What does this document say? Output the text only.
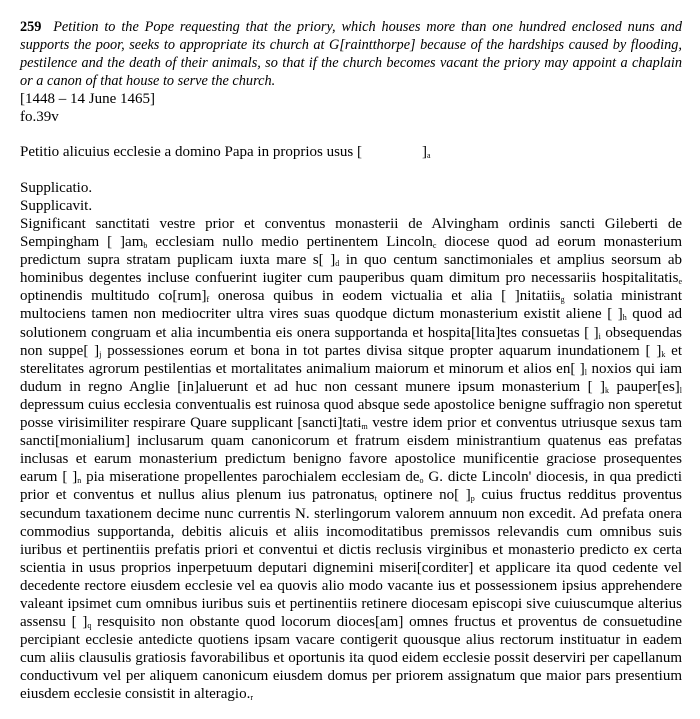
259 Petition to the Pope requesting that the priory, which houses more than one hundred enclosed nuns and supports the poor, seeks to appropriate its church at G[raintthorpe] because of the hardships caused by flooding, pestilence and the death of their animals, so that if the church becomes vacant the priory may appoint a chaplain or a canon of that house to serve the church.
[1448 – 14 June 1465]
fo.39v
Petitio alicuius ecclesie a domino Papa in proprios usus [	]$_a$
Supplicatio.
Supplicavit.

Significant sanctitati vestre prior et conventus monasterii de Alvingham ordinis sancti Gileberti de Sempingham [ ]$am_b$ ecclesiam nullo medio pertinentem Lincoln$_c$ diocese quod ad eorum monasterium predictum supra stratam puplicam iuxta mare s[ ]$_d$ in quo centum sanctimoniales et amplius seorsum ab hominibus degentes incluse confuerint iugiter cum pauperibus quam dimitum pro necessariis hospitalitatis$_e$ optinendis multitudo $co[rum]_f$ onerosa quibus in eodem victualia et alia [ ]nitatiis$_g$ solatia ministrant multociens tamen non mediocriter ultra vires suas quodque dictum monasterium existit aliene [ ]$_h$ quod ad solutionem congruam et alia incumbentia eis onera supportanda et hospita[lita]tes consuetas [ ]$_i$ obsequendas non suppe[ ]$_j$ possessiones eorum et bona in tot partes divisa sitque propter aquarum inundationem [ ]$_k$ et sterelitates agrorum pestilentias et mortalitates animalium maiorum et minorum et alios en[ ]$_l$ noxios qui iam dudum in regno Anglie [in]aluerunt et ad huc non cessant munere ipsum monasterium [ ]$_k$ $pauper[es]_l$ depressum cuius ecclesia conventualis est ruinosa quod absque sede apostolice benigne suffragio non speretut posse virisimiliter respirare Quare supplicant [sancti]tati$_m$ vestre idem prior et conventus utriusque sexus tam sancti[monialium] inclusarum quam canonicorum et fratrum eisdem ministrantium quatenus eas prefatas inclusas et earum monasterium predictum benigno favore apostolice munificentie graciose prosequentes earum [ ]$_n$ pia miseratione propellentes parochialem ecclesiam $de_o$ G. dicte Lincoln' diocesis, in qua predicti prior et conventus et nullus alius plenum ius patronatus$_t$ optinere no[ ]$_p$ cuius fructus redditus proventus secundum taxationem decime nunc currentis N. sterlingorum valorem annuum non excedit. Ad prefata onera commodius supportanda, debitis alicuis et aliis incomoditatibus premissos relevandis cum omnibus suis iuribus et pertinentiis prefatis priori et conventui et dictis reclusis virginibus et monasterio predicto ex certa scientia in usus proprios inperpetuum deputari dignemini miseri[corditer] et applicare ita quod cedente vel decedente rectore eiusdem ecclesie vel ea quovis alio modo vacante ius et possessionem ipsius apprehendere valeant ipsimet cum omnibus iuribus suis et pertinentiis retinere diocesam episcopi sive cuiuscumque alterius assensu [ ]$_q$ resquisito non obstante quod locorum dioces[am] omnes fructus et proventus de consuetudine percipiant ecclesie antedicte quotiens ipsam vacare contigerit quousque alius rectorum instituatur in eadem cum aliis clausulis gratiosis favorabilibus et oportunis ita quod eidem ecclesie possit deserviri per capellanum conductivum vel per aliquem canonicum eiusdem domus per priorem assignatum que maior pars presentium eiusdem ecclesie consistit in $alteragio._r$
